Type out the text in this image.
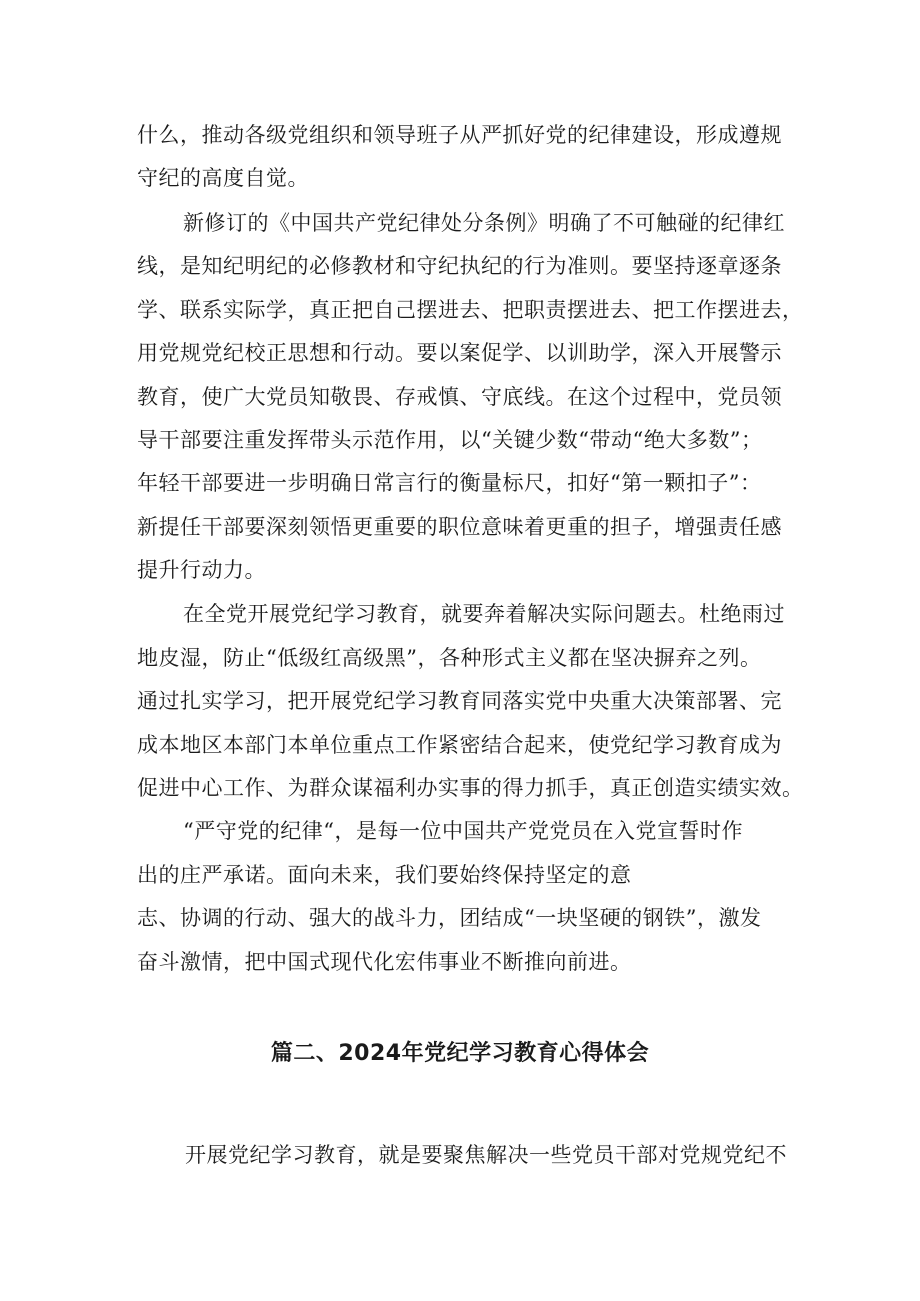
什么，推动各级党组织和领导班子从严抓好党的纪律建设，形成遵规
守纪的高度自觉。
新修订的《中国共产党纪律处分条例》明确了不可触碰的纪律红
线，是知纪明纪的必修教材和守纪执纪的行为准则。要坚持逐章逐条
学、联系实际学，真正把自己摆进去、把职责摆进去、把工作摆进去，
用党规党纪校正思想和行动。要以案促学、以训助学，深入开展警示
教育，使广大党员知敬畏、存戒慎、守底线。在这个过程中，党员领
导干部要注重发挥带头示范作用，以“关键少数“带动“绝大多数”；
年轻干部要进一步明确日常言行的衡量标尺，扣好“第一颗扣子”：
新提任干部要深刻领悟更重要的职位意味着更重的担子，增强责任感
提升行动力。
在全党开展党纪学习教育，就要奔着解决实际问题去。杜绝雨过
地皮湿，防止“低级红高级黑”，各种形式主义都在坚决摒弃之列。
通过扎实学习，把开展党纪学习教育同落实党中央重大决策部署、完
成本地区本部门本单位重点工作紧密结合起来，使党纪学习教育成为
促进中心工作、为群众谋福利办实事的得力抓手，真正创造实绩实效。
“严守党的纪律“，是每一位中国共产党党员在入党宣誓时作
出的庄严承诺。面向未来，我们要始终保持坚定的意
志、协调的行动、强大的战斗力，团结成“一块坚硬的钢铁”，激发
奋斗激情，把中国式现代化宏伟事业不断推向前进。
篇二、2024年党纪学习教育心得体会
开展党纪学习教育，就是要聚焦解决一些党员干部对党规党纪不
